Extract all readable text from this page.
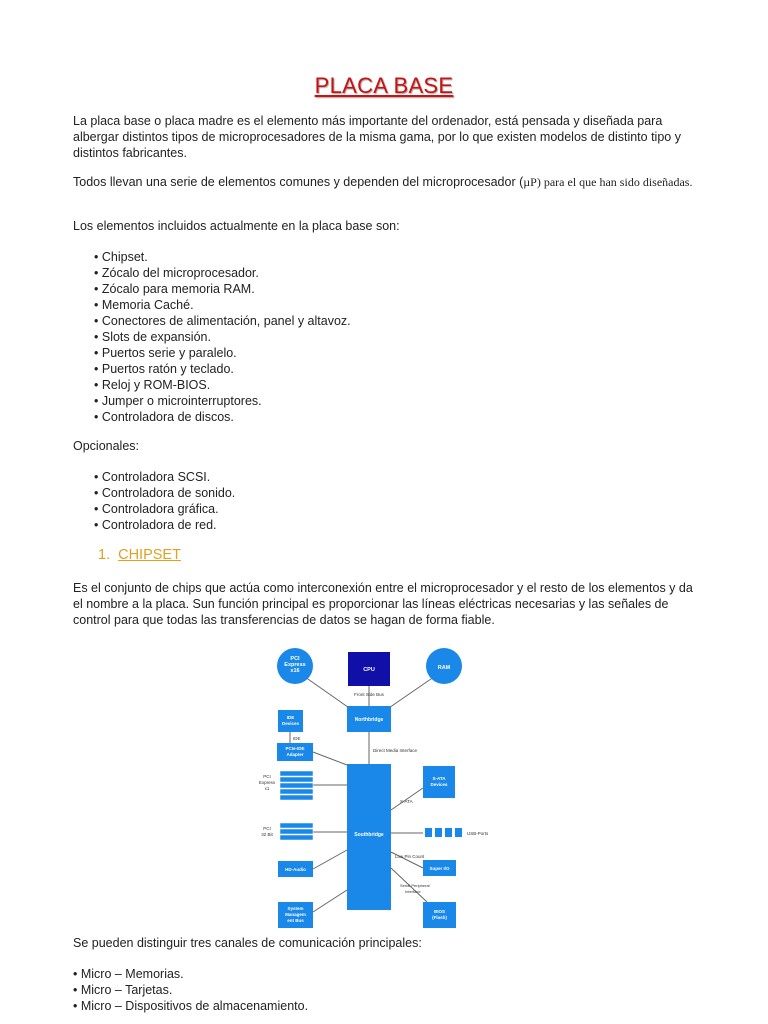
PLACA BASE

La placa base o placa madre es el elemento más importante del ordenador, está pensada y diseñada para albergar distintos tipos de microprocesadores de la misma gama, por lo que existen modelos de distinto tipo y distintos fabricantes.

Todos llevan una serie de elementos comunes y dependen del microprocesador (µP) para el que han sido diseñadas.

Los elementos incluidos actualmente en la placa base son:

• Chipset.
• Zócalo del microprocesador.
• Zócalo para memoria RAM.
• Memoria Caché.
• Conectores de alimentación, panel y altavoz.
• Slots de expansión.
• Puertos serie y paralelo.
• Puertos ratón y teclado.
• Reloj y ROM-BIOS.
• Jumper o microinterruptores.
• Controladora de discos.

Opcionales:

• Controladora SCSI.
• Controladora de sonido.
• Controladora gráfica.
• Controladora de red.
1. CHIPSET

Es el conjunto de chips que actúa como interconexión entre el microprocesador y el resto de los elementos y da el nombre a la placa. Sun función principal es proporcionar las líneas eléctricas necesarias y las señales de control para que todas las transferencias de datos se hagan de forma fiable.

PCI
Express
x16	CPU
Front Side Bus
RAM
Northbridge
IDE
Devices
IDE
PCIe-IDE
Adapter
Direct Media Interface
PCI
Express
x1
Southbridge
S-ATA
Devices
S-ATA
PCI
32 Bit	USB-Ports
Low Pin Count
HD-Audio	Super I/O
Serial Peripheral
Interface
System
Managem
ent Bus
BIOS
(Flash)

Se pueden distinguir tres canales de comunicación principales:

• Micro – Memorias.
• Micro – Tarjetas.
• Micro – Dispositivos de almacenamiento.
